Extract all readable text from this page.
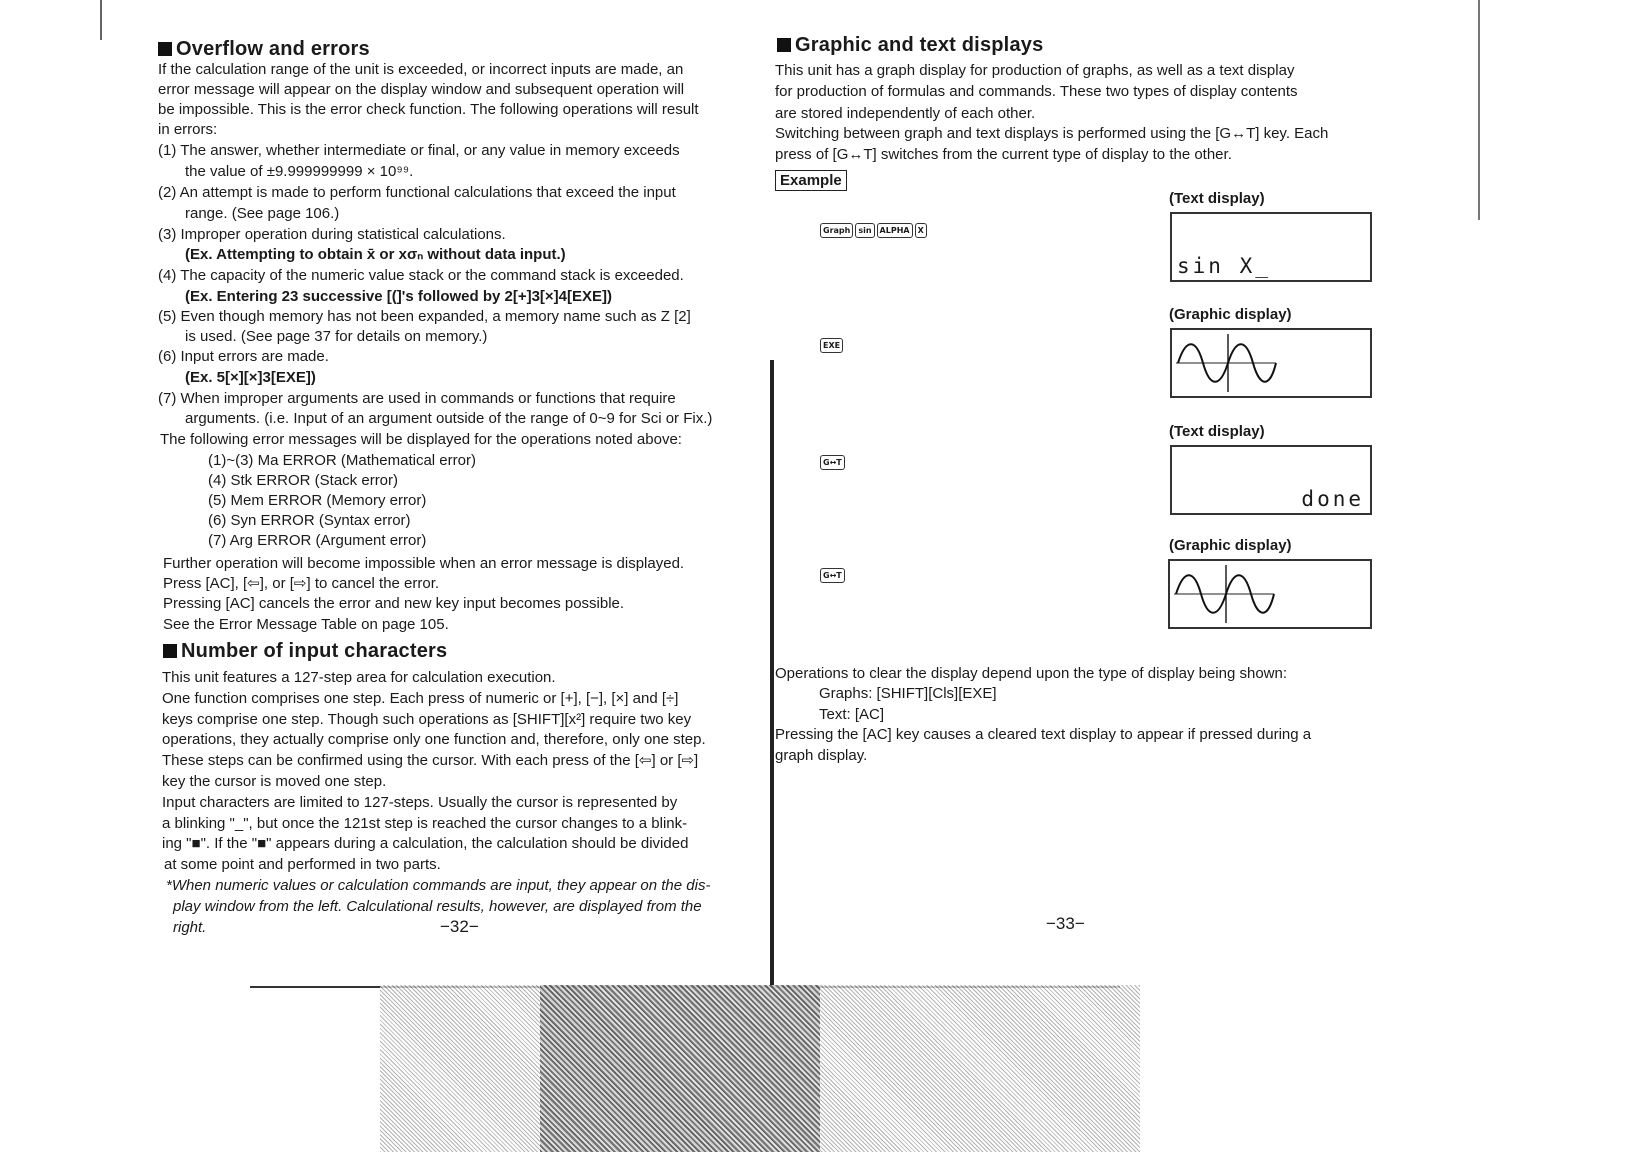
Overflow and errors
If the calculation range of the unit is exceeded, or incorrect inputs are made, an
error message will appear on the display window and subsequent operation will
be impossible. This is the error check function. The following operations will result
in errors:
(1) The answer, whether intermediate or final, or any value in memory exceeds
the value of ±9.999999999 × 10⁹⁹.
(2) An attempt is made to perform functional calculations that exceed the input
range. (See page 106.)
(3) Improper operation during statistical calculations.
(Ex. Attempting to obtain x̄ or xσₙ without data input.)
(4) The capacity of the numeric value stack or the command stack is exceeded.
(Ex. Entering 23 successive [(]'s followed by 2[+]3[×]4[EXE])
(5) Even though memory has not been expanded, a memory name such as Z [2]
is used. (See page 37 for details on memory.)
(6) Input errors are made.
(Ex. 5[×][×]3[EXE])
(7) When improper arguments are used in commands or functions that require
arguments. (i.e. Input of an argument outside of the range of 0~9 for Sci or Fix.)
The following error messages will be displayed for the operations noted above:
(1)~(3) Ma ERROR (Mathematical error)
(4) Stk ERROR (Stack error)
(5) Mem ERROR (Memory error)
(6) Syn ERROR (Syntax error)
(7) Arg ERROR (Argument error)
Further operation will become impossible when an error message is displayed.
Press [AC], [⇦], or [⇨] to cancel the error.
Pressing [AC] cancels the error and new key input becomes possible.
See the Error Message Table on page 105.
Number of input characters
This unit features a 127-step area for calculation execution.
One function comprises one step. Each press of numeric or [+], [−], [×] and [÷]
keys comprise one step. Though such operations as [SHIFT][x²] require two key
operations, they actually comprise only one function and, therefore, only one step.
These steps can be confirmed using the cursor. With each press of the [⇦] or [⇨]
key the cursor is moved one step.
Input characters are limited to 127-steps. Usually the cursor is represented by
a blinking "_", but once the 121st step is reached the cursor changes to a blink-
ing "■". If the "■" appears during a calculation, the calculation should be divided
at some point and performed in two parts.
*When numeric values or calculation commands are input, they appear on the dis-
play window from the left. Calculational results, however, are displayed from the
right.	−32−
Graphic and text displays
This unit has a graph display for production of graphs, as well as a text display
for production of formulas and commands. These two types of display contents
are stored independently of each other.
Switching between graph and text displays is performed using the [G↔T] key. Each
press of [G↔T] switches from the current type of display to the other.
Example
Graph	sin	ALPHA	X
(Text display)
sin X_
EXE
(Graphic display)
G↔T
(Text display)
done
G↔T
(Graphic display)
Operations to clear the display depend upon the type of display being shown:
Graphs: [SHIFT][Cls][EXE]
Text: [AC]
Pressing the [AC] key causes a cleared text display to appear if pressed during a
graph display.
−33−
